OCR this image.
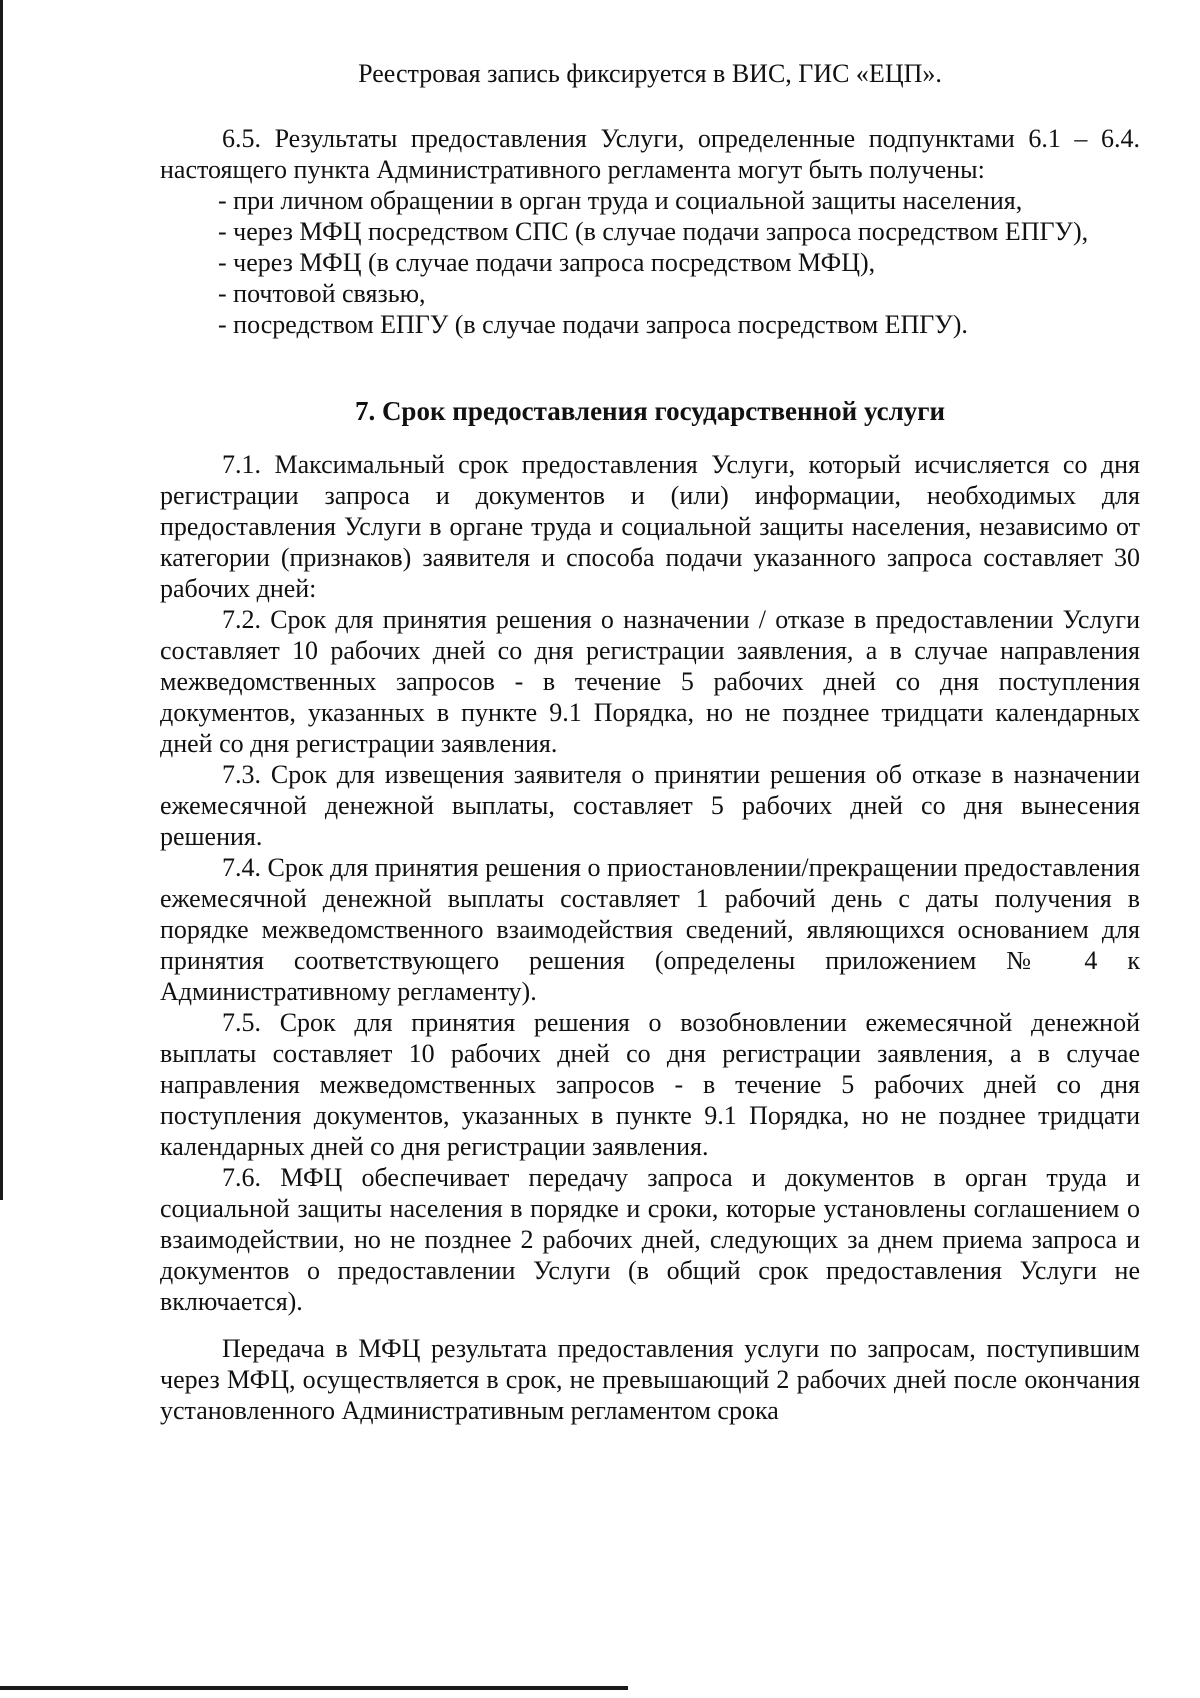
Реестровая запись фиксируется в ВИС, ГИС «ЕЦП».

6.5. Результаты предоставления Услуги, определенные подпунктами 6.1 – 6.4. настоящего пункта Административного регламента могут быть получены:

- при личном обращении в орган труда и социальной защиты населения,

- через МФЦ посредством СПС (в случае подачи запроса посредством ЕПГУ),

- через МФЦ (в случае подачи запроса посредством МФЦ),

- почтовой связью,

- посредством ЕПГУ (в случае подачи запроса посредством ЕПГУ).

7. Срок предоставления государственной услуги

7.1. Максимальный срок предоставления Услуги, который исчисляется со дня регистрации запроса и документов и (или) информации, необходимых для предоставления Услуги в органе труда и социальной защиты населения, независимо от категории (признаков) заявителя и способа подачи указанного запроса составляет 30 рабочих дней:

7.2. Срок для принятия решения о назначении / отказе в предоставлении Услуги составляет 10 рабочих дней со дня регистрации заявления, а в случае направления межведомственных запросов - в течение 5 рабочих дней со дня поступления документов, указанных в пункте 9.1 Порядка, но не позднее тридцати календарных дней со дня регистрации заявления.

7.3. Срок для извещения заявителя о принятии решения об отказе в назначении ежемесячной денежной выплаты, составляет 5 рабочих дней со дня вынесения решения.

7.4. Срок для принятия решения о приостановлении/прекращении предоставления ежемесячной денежной выплаты составляет 1 рабочий день с даты получения в порядке межведомственного взаимодействия сведений, являющихся основанием для принятия соответствующего решения (определены приложением № 4 к Административному регламенту).

7.5. Срок для принятия решения о возобновлении ежемесячной денежной выплаты составляет 10 рабочих дней со дня регистрации заявления, а в случае направления межведомственных запросов - в течение 5 рабочих дней со дня поступления документов, указанных в пункте 9.1 Порядка, но не позднее тридцати календарных дней со дня регистрации заявления.

7.6. МФЦ обеспечивает передачу запроса и документов в орган труда и социальной защиты населения в порядке и сроки, которые установлены соглашением о взаимодействии, но не позднее 2 рабочих дней, следующих за днем приема запроса и документов о предоставлении Услуги (в общий срок предоставления Услуги не включается).

Передача в МФЦ результата предоставления услуги по запросам, поступившим через МФЦ, осуществляется в срок, не превышающий 2 рабочих дней после окончания установленного Административным регламентом срока
